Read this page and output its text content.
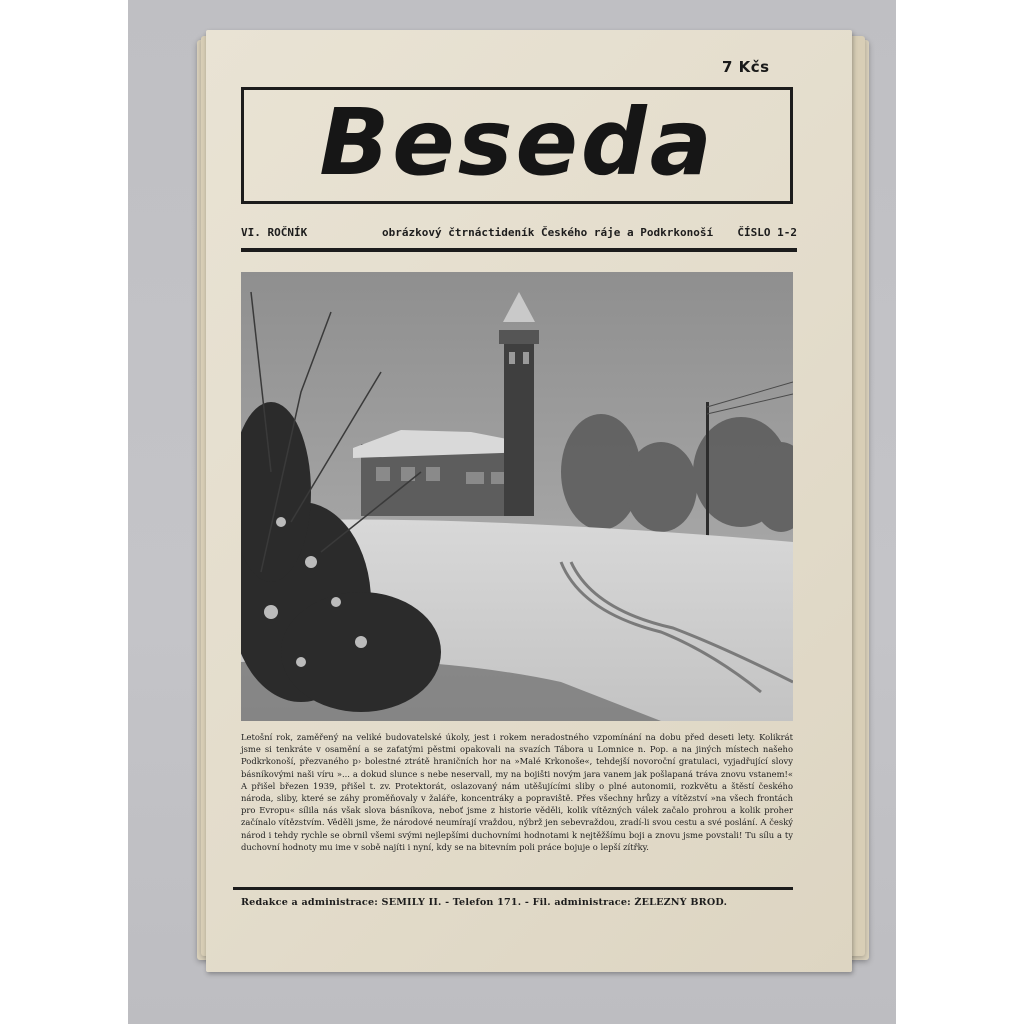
7 Kčs
Beseda
VI. ROČNÍK	obrázkový čtrnáctideník Českého ráje a Podkrkonoší ČÍSLO 1-2
Letošní rok, zaměřený na veliké budovatelské úkoly, jest i rokem neradostného vzpomínání na dobu před deseti lety. Kolikrát jsme si tenkráte v osamění a se zaťatými pěstmi opakovali na svazích Tábora u Lomnice n. Pop. a na jiných místech našeho Podkrkonoší, přezvaného p› bolestné ztrátě hraničních hor na »Malé Krkonoše«, tehdejší novoroční gratulaci, vyjadřující slovy básníkovými naši víru »... a dokud slunce s nebe neservall, my na bojišti novým jara vanem jak pošlapaná tráva znovu vstanem!« A přišel březen 1939, přišel t. zv. Protektorát, oslazovaný nám utěšujícími sliby o plné autonomii, rozkvětu a štěstí českého národa, sliby, které se záhy proměňovaly v žaláře, koncentráky a popraviště. Přes všechny hrůzy a vítězství »na všech frontách pro Evropu« sílila nás však slova básníkova, neboť jsme z historie věděli, kolik vítězných válek začalo prohrou a kolik proher začínalo vítězstvím. Věděli jsme, že národové neumírají vraždou, nýbrž jen sebevraždou, zradí-li svou cestu a své poslání. A český národ i tehdy rychle se obrnil všemi svými nejlepšími duchovními hodnotami k nejtěžšímu boji a znovu jsme povstali! Tu sílu a ty duchovní hodnoty mu ime v sobě najíti i nyní, kdy se na bitevním poli práce bojuje o lepší zítřky.
Redakce a administrace: SEMILY II. - Telefon 171. - Fil. administrace: ŽELEZNÝ BROD.
